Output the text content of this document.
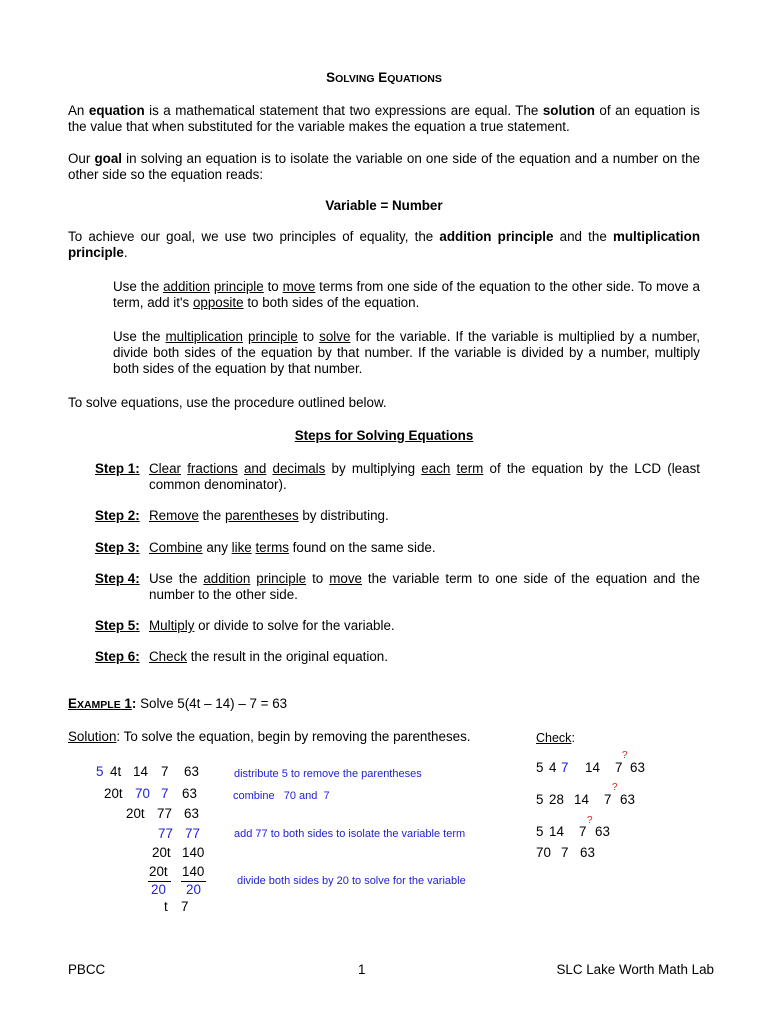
SOLVING EQUATIONS
An equation is a mathematical statement that two expressions are equal. The solution of an equation is the value that when substituted for the variable makes the equation a true statement.
Our goal in solving an equation is to isolate the variable on one side of the equation and a number on the other side so the equation reads:
Variable = Number
To achieve our goal, we use two principles of equality, the addition principle and the multiplication principle.
Use the addition principle to move terms from one side of the equation to the other side. To move a term, add it's opposite to both sides of the equation.
Use the multiplication principle to solve for the variable. If the variable is multiplied by a number, divide both sides of the equation by that number. If the variable is divided by a number, multiply both sides of the equation by that number.
To solve equations, use the procedure outlined below.
Steps for Solving Equations
Step 1: Clear fractions and decimals by multiplying each term of the equation by the LCD (least common denominator).
Step 2: Remove the parentheses by distributing.
Step 3: Combine any like terms found on the same side.
Step 4: Use the addition principle to move the variable term to one side of the equation and the number to the other side.
Step 5: Multiply or divide to solve for the variable.
Step 6: Check the result in the original equation.
EXAMPLE 1: Solve 5(4t – 14) – 7 = 63
Solution: To solve the equation, begin by removing the parentheses.
5 4t 14 7 63	distribute 5 to remove the parentheses
20t 70 7 63	combine 70 and 7
20t 77 63
77 77	add 77 to both sides to isolate the variable term
20t 140
20t 140
20 20
divide both sides by 20 to solve for the variable
t 7
Check:
?
5 4 7 14 7 63
?
5 28 14 7 63
?
5 14 7 63
70 7 63
PBCC	1	SLC Lake Worth Math Lab
